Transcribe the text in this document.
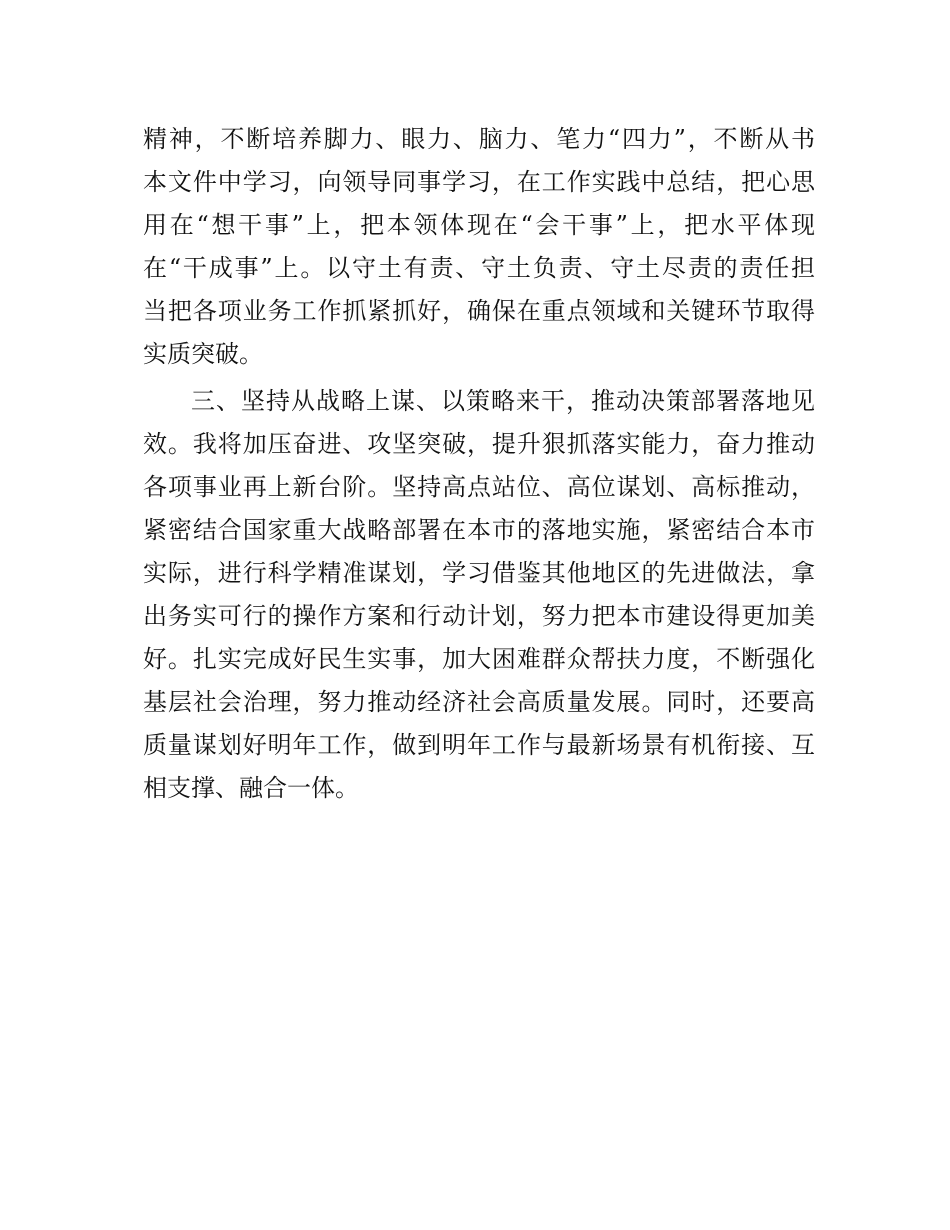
精神，不断培养脚力、眼力、脑力、笔力“四力”，不断从书
本文件中学习，向领导同事学习，在工作实践中总结，把心思
用在“想干事”上，把本领体现在“会干事”上，把水平体现
在“干成事”上。以守土有责、守土负责、守土尽责的责任担
当把各项业务工作抓紧抓好，确保在重点领域和关键环节取得
实质突破。
三、坚持从战略上谋、以策略来干，推动决策部署落地见
效。我将加压奋进、攻坚突破，提升狠抓落实能力，奋力推动
各项事业再上新台阶。坚持高点站位、高位谋划、高标推动，
紧密结合国家重大战略部署在本市的落地实施，紧密结合本市
实际，进行科学精准谋划，学习借鉴其他地区的先进做法，拿
出务实可行的操作方案和行动计划，努力把本市建设得更加美
好。扎实完成好民生实事，加大困难群众帮扶力度，不断强化
基层社会治理，努力推动经济社会高质量发展。同时，还要高
质量谋划好明年工作，做到明年工作与最新场景有机衔接、互
相支撑、融合一体。
